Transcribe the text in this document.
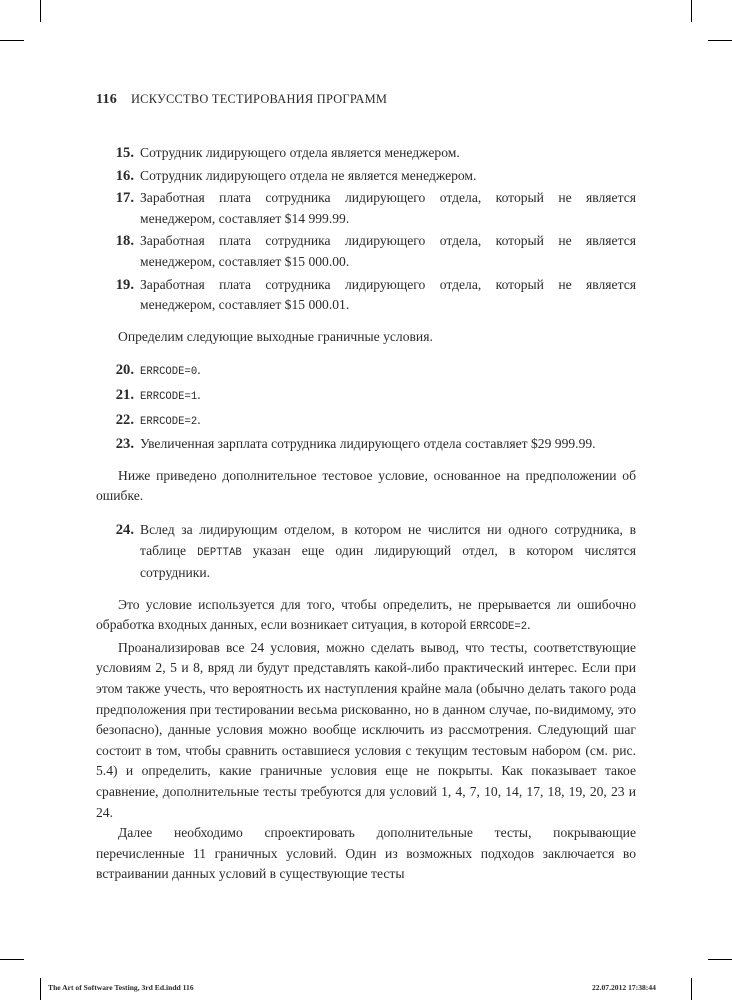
116 ИСКУССТВО ТЕСТИРОВАНИЯ ПРОГРАММ
15. Сотрудник лидирующего отдела является менеджером.
16. Сотрудник лидирующего отдела не является менеджером.
17. Заработная плата сотрудника лидирующего отдела, который не является менеджером, составляет $14 999.99.
18. Заработная плата сотрудника лидирующего отдела, который не является менеджером, составляет $15 000.00.
19. Заработная плата сотрудника лидирующего отдела, который не является менеджером, составляет $15 000.01.

Определим следующие выходные граничные условия.

20. ERRCODE=0.
21. ERRCODE=1.
22. ERRCODE=2.
23. Увеличенная зарплата сотрудника лидирующего отдела составляет $29 999.99.

Ниже приведено дополнительное тестовое условие, основанное на предположении об ошибке.

24. Вслед за лидирующим отделом, в котором не числится ни одного сотрудника, в таблице DEPTTAB указан еще один лидирующий отдел, в котором числятся сотрудники.

Это условие используется для того, чтобы определить, не прерывается ли ошибочно обработка входных данных, если возникает ситуация, в которой ERRCODE=2.

Проанализировав все 24 условия, можно сделать вывод, что тесты, соответствующие условиям 2, 5 и 8, вряд ли будут представлять какой-либо практический интерес. Если при этом также учесть, что вероятность их наступления крайне мала (обычно делать такого рода предположения при тестировании весьма рискованно, но в данном случае, по-видимому, это безопасно), данные условия можно вообще исключить из рассмотрения. Следующий шаг состоит в том, чтобы сравнить оставшиеся условия с текущим тестовым набором (см. рис. 5.4) и определить, какие граничные условия еще не покрыты. Как показывает такое сравнение, дополнительные тесты требуются для условий 1, 4, 7, 10, 14, 17, 18, 19, 20, 23 и 24.

Далее необходимо спроектировать дополнительные тесты, покрывающие перечисленные 11 граничных условий. Один из возможных подходов заключается во встраивании данных условий в существующие тесты

The Art of Software Testing, 3rd Ed.indd 116	22.07.2012 17:38:44
